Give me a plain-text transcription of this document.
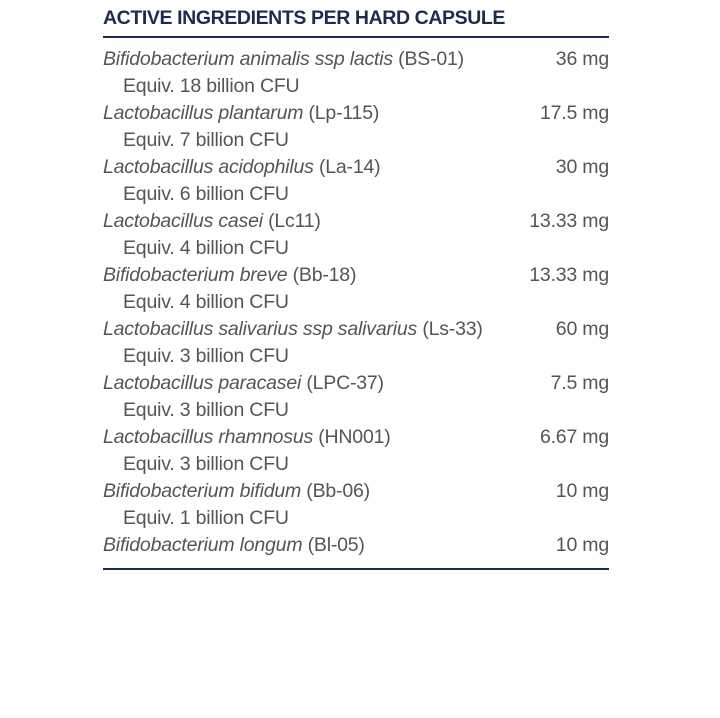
ACTIVE INGREDIENTS PER HARD CAPSULE
Bifidobacterium animalis ssp lactis (BS-01)	36 mg
Equiv. 18 billion CFU
Lactobacillus plantarum (Lp-115)	17.5 mg
Equiv. 7 billion CFU
Lactobacillus acidophilus (La-14)	30 mg
Equiv. 6 billion CFU
Lactobacillus casei (Lc11)	13.33 mg
Equiv. 4 billion CFU
Bifidobacterium breve (Bb-18)	13.33 mg
Equiv. 4 billion CFU
Lactobacillus salivarius ssp salivarius (Ls-33)	60 mg
Equiv. 3 billion CFU
Lactobacillus paracasei (LPC-37)	7.5 mg
Equiv. 3 billion CFU
Lactobacillus rhamnosus (HN001)	6.67 mg
Equiv. 3 billion CFU
Bifidobacterium bifidum (Bb-06)	10 mg
Equiv. 1 billion CFU
Bifidobacterium longum (Bl-05)	10 mg
